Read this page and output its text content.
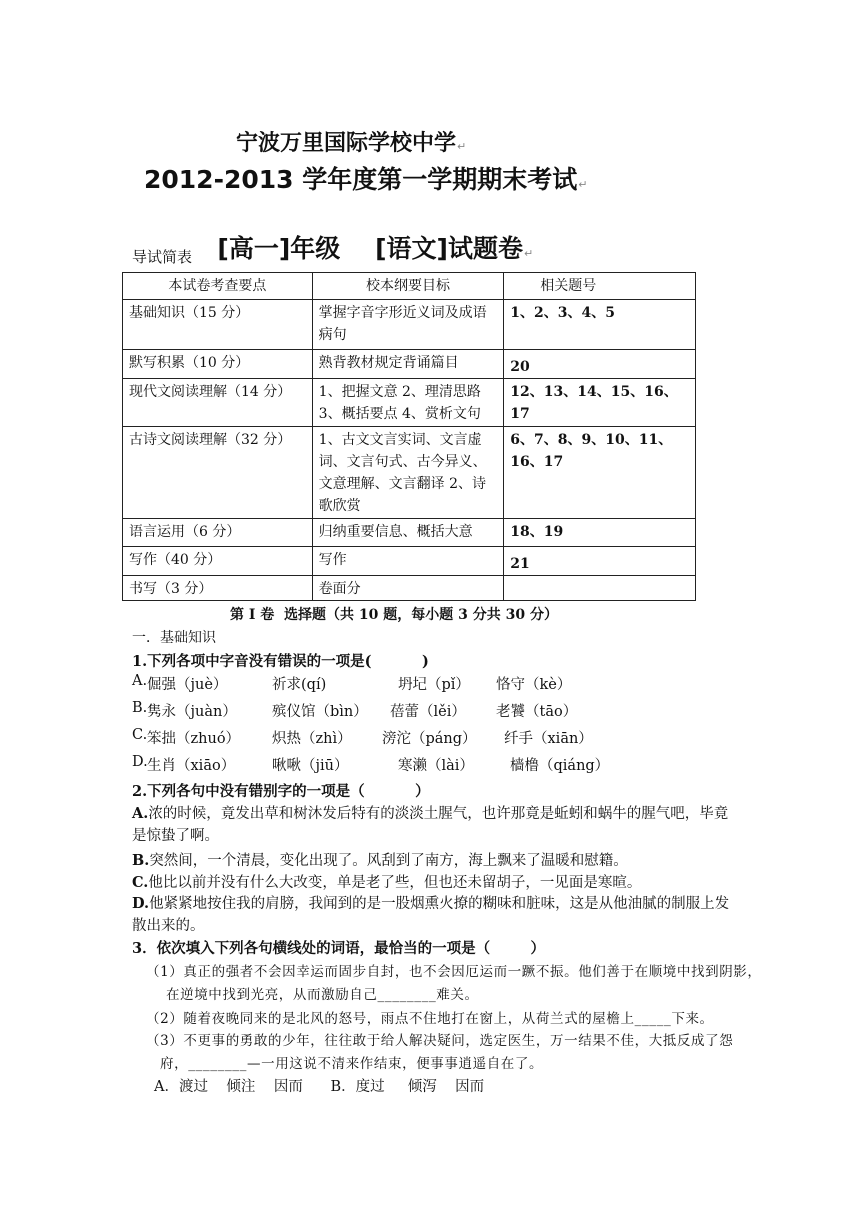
宁波万里国际学校中学↵
2012-2013 学年度第一学期期末考试↵

[高一]年级    [语文]试题卷↵

导试简表
本试卷考查要点	校本纲要目标	相关题号
基础知识（15 分）	掌握字音字形近义词及成语病句	1、2、3、4、5
默写积累（10 分）	熟背教材规定背诵篇目	20
现代文阅读理解（14 分）	1、把握文意 2、理清思路 3、概括要点 4、赏析文句	12、13、14、15、16、17
古诗文阅读理解（32 分）	1、古文文言实词、文言虚词、文言句式、古今异义、文意理解、文言翻译 2、诗歌欣赏	6、7、8、9、10、11、16、17
语言运用（6 分）	归纳重要信息、概括大意	18、19
写作（40 分）	写作	21
书写（3 分）	卷面分	
第 I 卷  选择题（共 10 题，每小题 3 分共 30 分）
一．基础知识
1.下列各项中字音没有错误的一项是(          )
A. 倔强（juè）	祈求(qí)	坍圮（pǐ） 恪守（kè）
B. 隽永（juàn） 殡仪馆（bìn） 蓓蕾（lěi） 老饕（tāo）
C. 笨拙（zhuó） 炽热（zhì） 滂沱（páng） 纤手（xiān）
D. 生肖（xiāo）	啾啾（jiū）	寒濑（lài） 樯橹（qiáng）
2.下列各句中没有错别字的一项是（          ）
A.浓的时候，竟发出草和树沐发后特有的淡淡土腥气，也许那竟是蚯蚓和蜗牛的腥气吧，毕竟是惊蛰了啊。
B.突然间，一个清晨，变化出现了。风刮到了南方，海上飘来了温暖和慰籍。
C.他比以前并没有什么大改变，单是老了些，但也还未留胡子，一见面是寒暄。
D.他紧紧地按住我的肩膀，我闻到的是一股烟熏火撩的糊味和脏味，这是从他油腻的制服上发散出来的。
3．依次填入下列各句横线处的词语，最恰当的一项是（        ）
（1）真正的强者不会因幸运而固步自封，也不会因厄运而一蹶不振。他们善于在顺境中找到阴影，在逆境中找到光亮，从而激励自己________难关。
（2）随着夜晚同来的是北风的怒号，雨点不住地打在窗上，从荷兰式的屋檐上_____下来。
（3）不更事的勇敢的少年，往往敢于给人解决疑问，选定医生，万一结果不佳，大抵反成了怨府，________—一用这说不清来作结束，便事事逍遥自在了。
A．渡过    倾注    因而      B．度过     倾泻    因而
